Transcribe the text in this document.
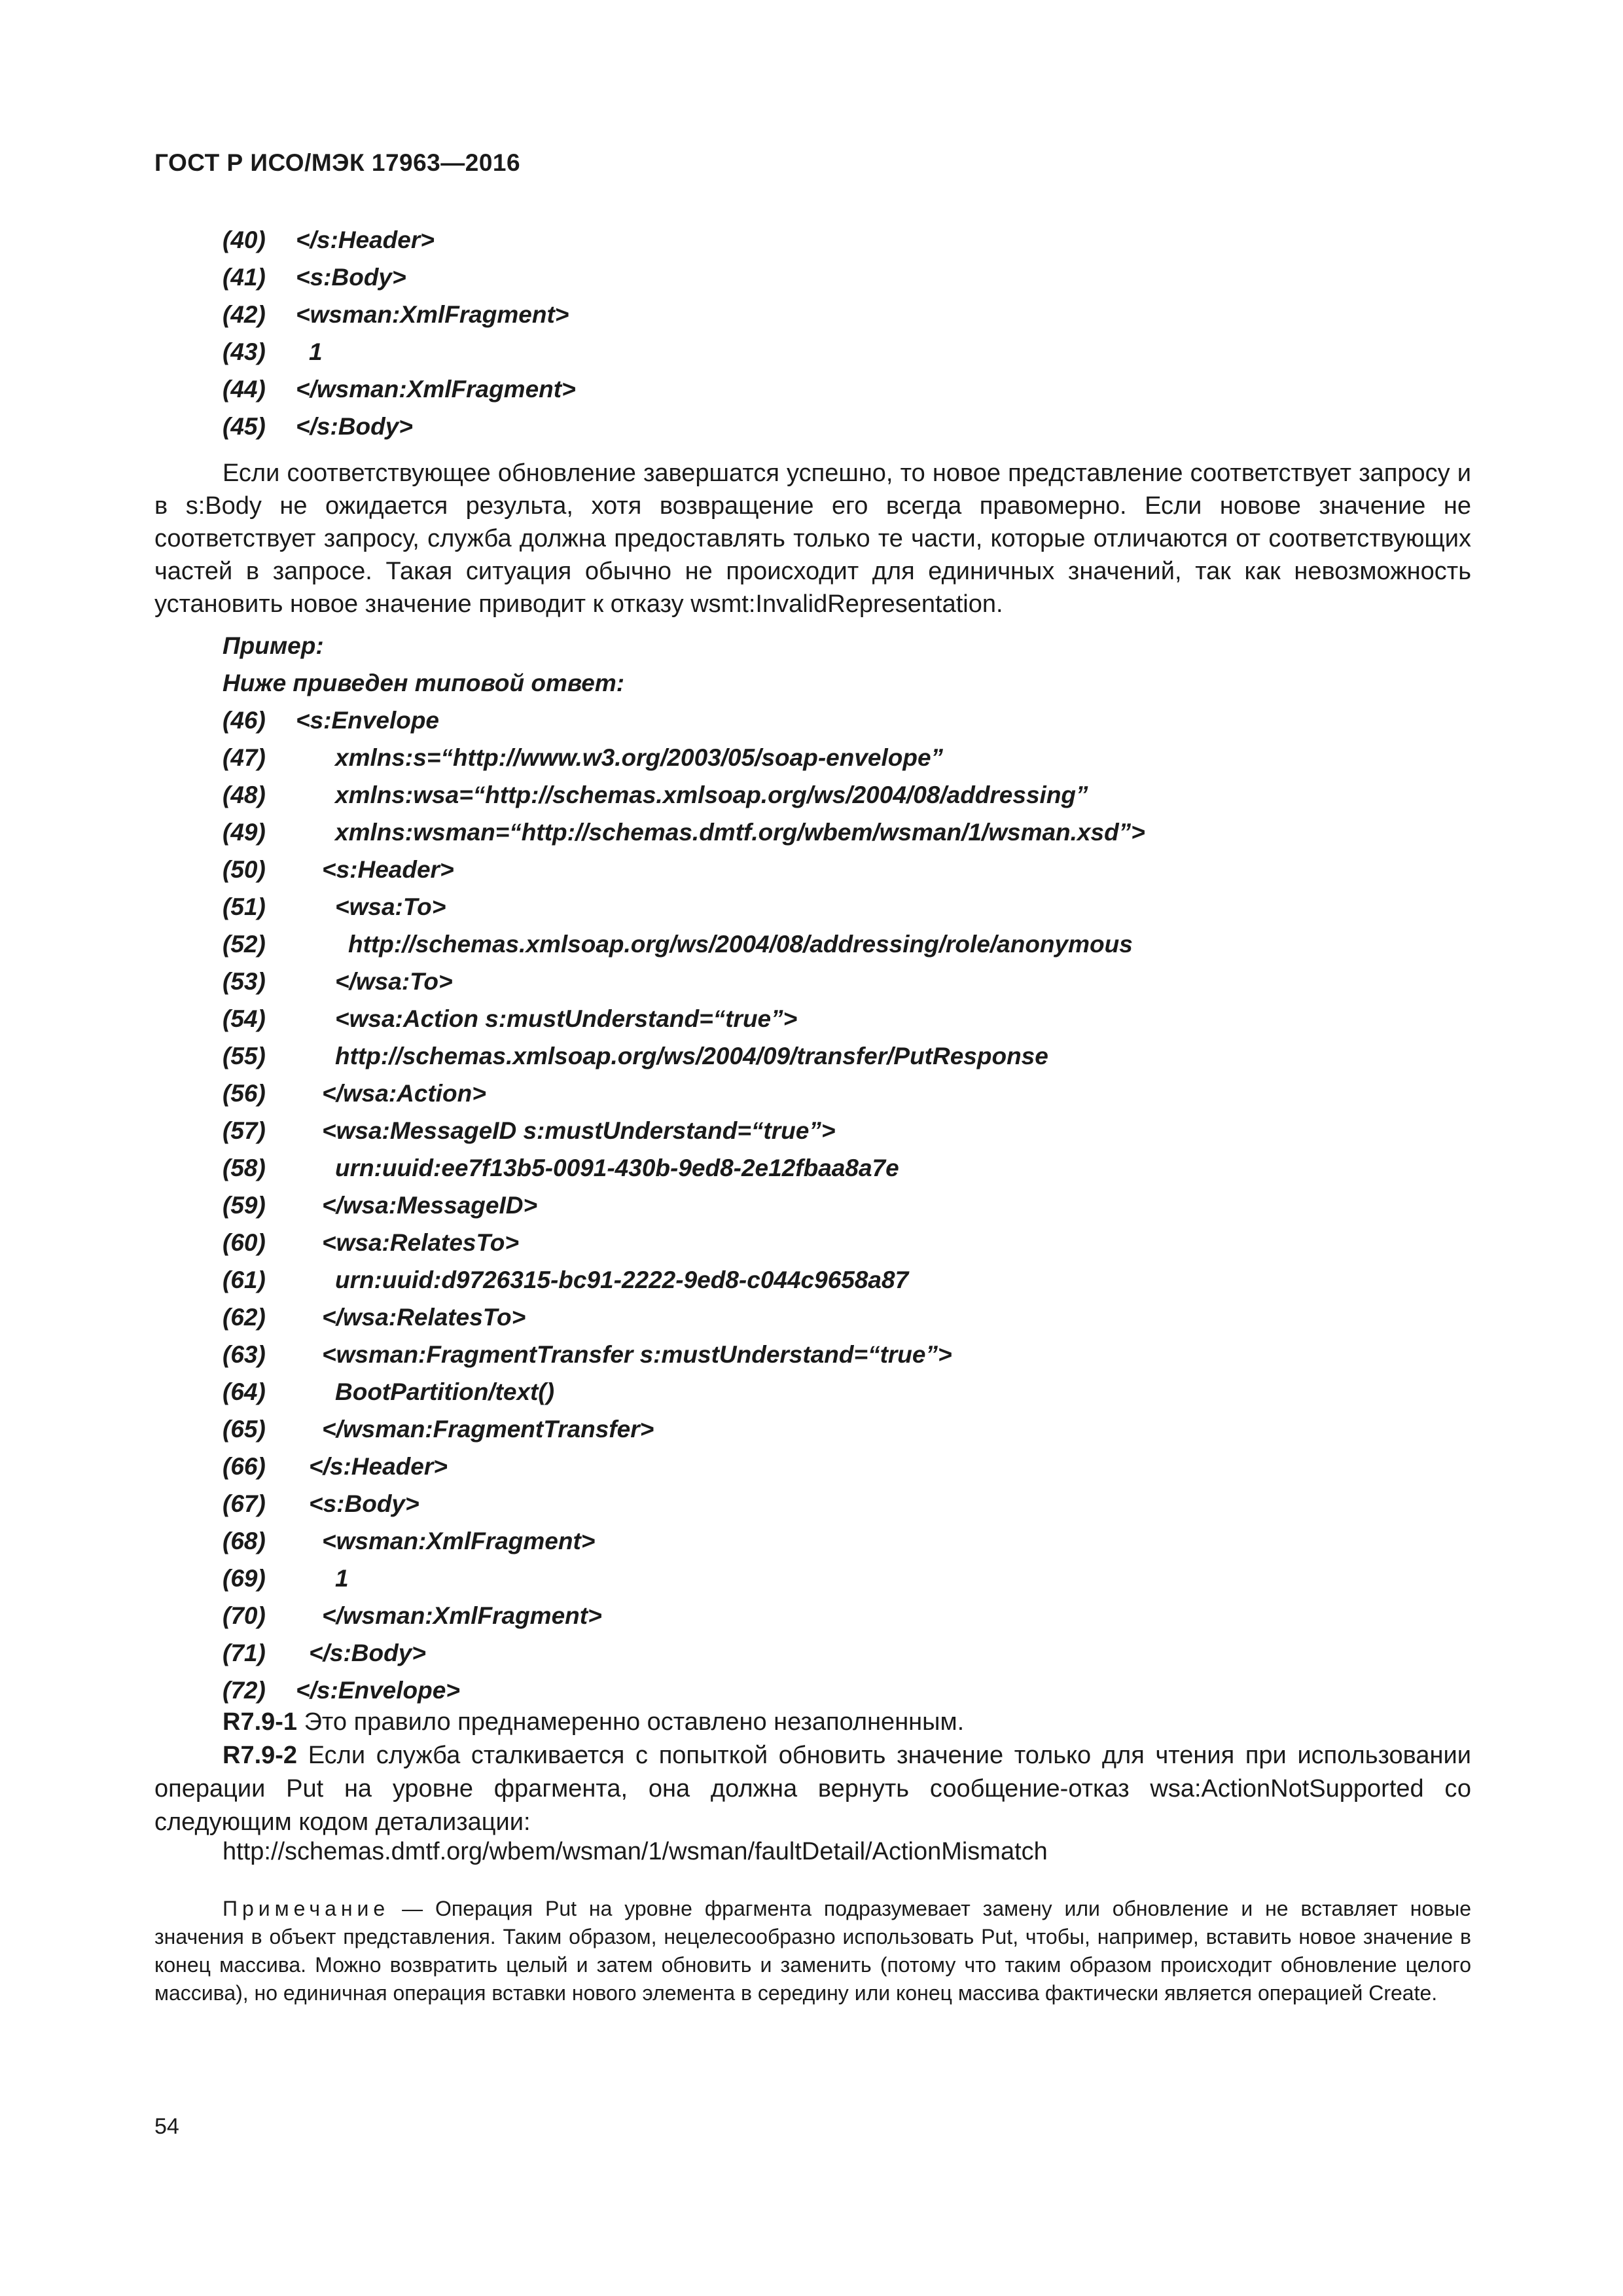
ГОСТ Р ИСО/МЭК 17963—2016
(40) </s:Header>
(41) <s:Body>
(42) <wsman:XmlFragment>
(43) 1
(44) </wsman:XmlFragment>
(45) </s:Body>

Если соответствующее обновление завершатся успешно, то новое представление соответствует запросу и в s:Body не ожидается результа, хотя возвращение его всегда правомерно. Если новове значение не соответствует запросу, служба должна предоставлять только те части, которые отличаются от соответствующих частей в запросе. Такая ситуация обычно не происходит для единичных значений, так как невозможность установить новое значение приводит к отказу wsmt:InvalidRepresentation.

Пример:
Ниже приведен типовой ответ:
(46) <s:Envelope
(47)	xmlns:s=“http://www.w3.org/2003/05/soap-envelope”
(48)	xmlns:wsa=“http://schemas.xmlsoap.org/ws/2004/08/addressing”
(49)	xmlns:wsman=“http://schemas.dmtf.org/wbem/wsman/1/wsman.xsd”>
(50) <s:Header>
(51)	<wsa:To>
(52)	http://schemas.xmlsoap.org/ws/2004/08/addressing/role/anonymous
(53)	</wsa:To>
(54)	<wsa:Action s:mustUnderstand=“true”>
(55)	http://schemas.xmlsoap.org/ws/2004/09/transfer/PutResponse
(56) </wsa:Action>
(57) <wsa:MessageID s:mustUnderstand=“true”>
(58)	urn:uuid:ee7f13b5-0091-430b-9ed8-2e12fbaa8a7e
(59) </wsa:MessageID>
(60) <wsa:RelatesTo>
(61)	urn:uuid:d9726315-bc91-2222-9ed8-c044c9658a87
(62) </wsa:RelatesTo>
(63) <wsman:FragmentTransfer s:mustUnderstand=“true”>
(64)	BootPartition/text()
(65) </wsman:FragmentTransfer>
(66) </s:Header>
(67) <s:Body>
(68) <wsman:XmlFragment>
(69)	1
(70) </wsman:XmlFragment>
(71) </s:Body>
(72) </s:Envelope>
R7.9-1 Это правило преднамеренно оставлено незаполненным.
R7.9-2 Если служба сталкивается с попыткой обновить значение только для чтения при использовании операции Put на уровне фрагмента, она должна вернуть сообщение-отказ wsa:ActionNotSupported со следующим кодом детализации:
http://schemas.dmtf.org/wbem/wsman/1/wsman/faultDetail/ActionMismatch
Примечание — Операция Put на уровне фрагмента подразумевает замену или обновление и не вставляет новые значения в объект представления. Таким образом, нецелесообразно использовать Put, чтобы, например, вставить новое значение в конец массива. Можно возвратить целый и затем обновить и заменить (потому что таким образом происходит обновление целого массива), но единичная операция вставки нового элемента в середину или конец массива фактически является операцией Create.
54
